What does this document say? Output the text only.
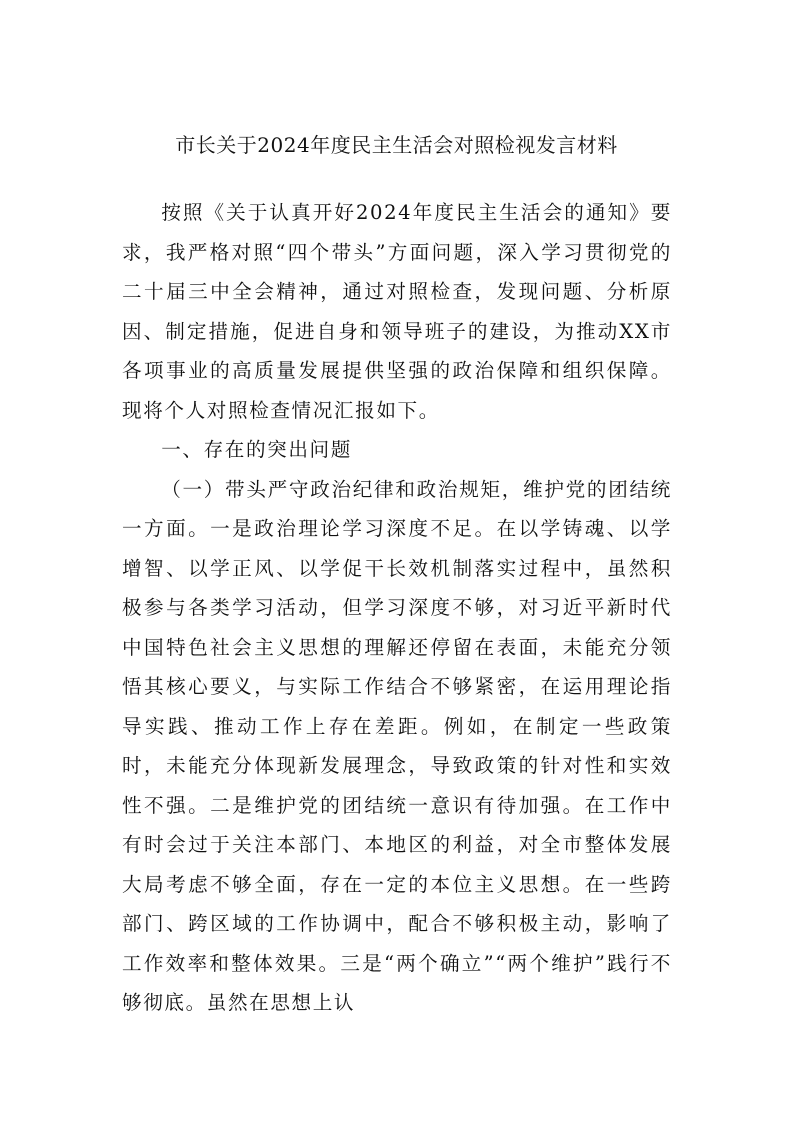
市长关于2024年度民主生活会对照检视发言材料

按照《关于认真开好2024年度民主生活会的通知》要求，我严格对照“四个带头”方面问题，深入学习贯彻党的二十届三中全会精神，通过对照检查，发现问题、分析原因、制定措施，促进自身和领导班子的建设，为推动XX市各项事业的高质量发展提供坚强的政治保障和组织保障。现将个人对照检查情况汇报如下。

一、存在的突出问题

（一）带头严守政治纪律和政治规矩，维护党的团结统一方面。一是政治理论学习深度不足。在以学铸魂、以学增智、以学正风、以学促干长效机制落实过程中，虽然积极参与各类学习活动，但学习深度不够，对习近平新时代中国特色社会主义思想的理解还停留在表面，未能充分领悟其核心要义，与实际工作结合不够紧密，在运用理论指导实践、推动工作上存在差距。例如，在制定一些政策时，未能充分体现新发展理念，导致政策的针对性和实效性不强。二是维护党的团结统一意识有待加强。在工作中有时会过于关注本部门、本地区的利益，对全市整体发展大局考虑不够全面，存在一定的本位主义思想。在一些跨部门、跨区域的工作协调中，配合不够积极主动，影响了工作效率和整体效果。三是“两个确立”“两个维护”践行不够彻底。虽然在思想上认
